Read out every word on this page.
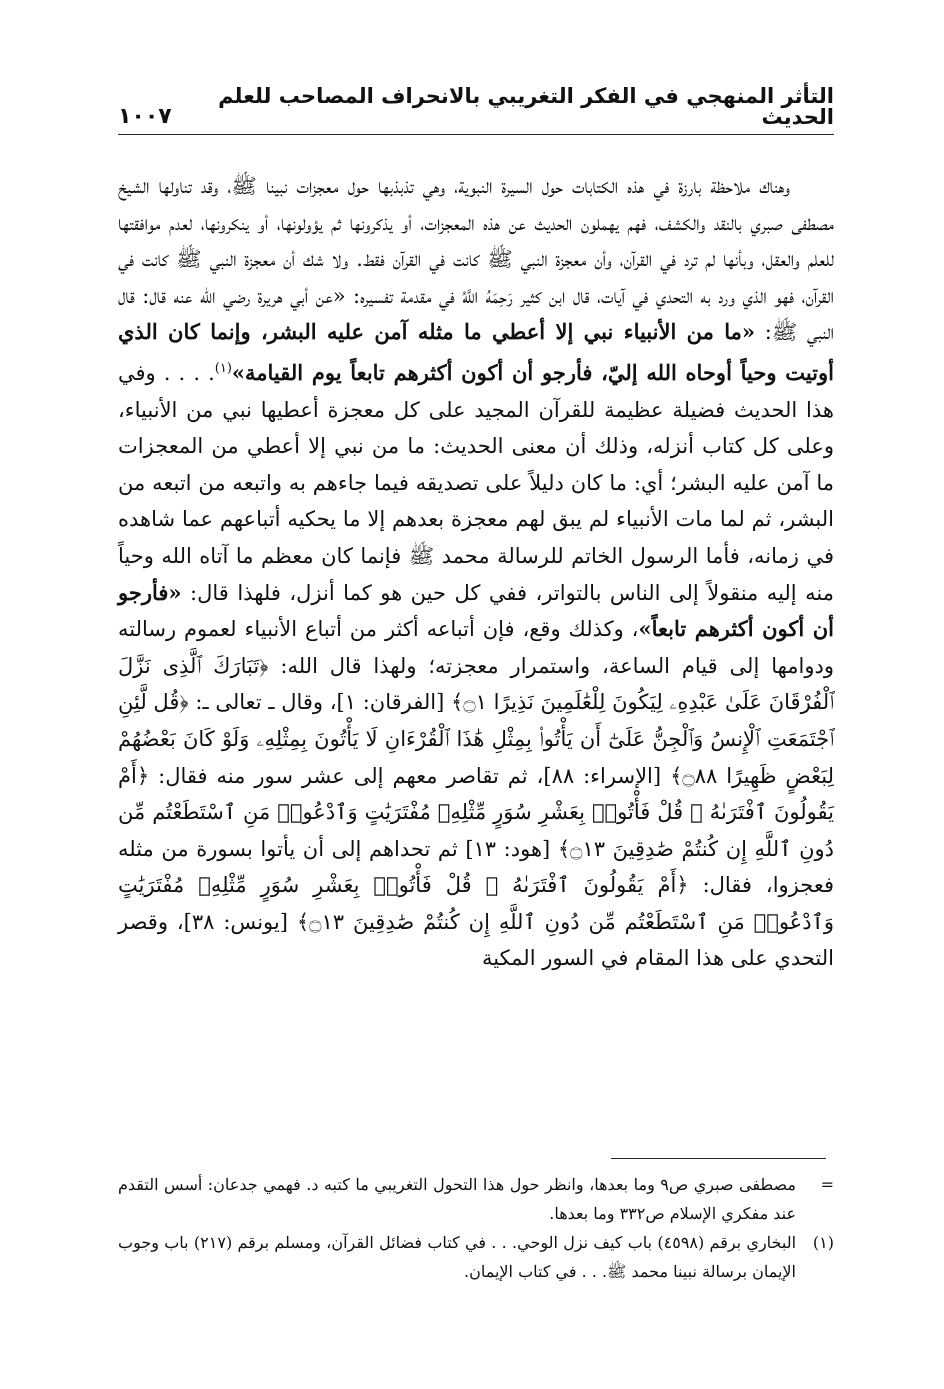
التأثر المنهجي في الفكر التغريبي بالانحراف المصاحب للعلم الحديث
١٠٠٧

وهناك ملاحظة بارزة في هذه الكتابات حول السيرة النبوية، وهي تذبذبها حول معجزات نبينا ﷺ، وقد تناولها الشيخ مصطفى صبري بالنقد والكشف، فهم يهملون الحديث عن هذه المعجزات، أو يذكرونها ثم يؤولونها، أو ينكرونها، لعدم موافقتها للعلم والعقل، وبأنها لم ترد في القرآن، وأن معجزة النبي ﷺ كانت في القرآن فقط. ولا شك أن معجزة النبي ﷺ كانت في القرآن، فهو الذي ورد به التحدي في آيات، قال ابن كثير رَحِمَهُ اللَّهُ في مقدمة تفسيره: «عن أبي هريرة رضي الله عنه قال: قال النبي ﷺ: «ما من الأنبياء نبي إلا أعطي ما مثله آمن عليه البشر، وإنما كان الذي أوتيت وحياً أوحاه الله إليّ، فأرجو أن أكون أكثرهم تابعاً يوم القيامة»$^{(١)}$. . . . وفي هذا الحديث فضيلة عظيمة للقرآن المجيد على كل معجزة أعطيها نبي من الأنبياء، وعلى كل كتاب أنزله، وذلك أن معنى الحديث: ما من نبي إلا أعطي من المعجزات ما آمن عليه البشر؛ أي: ما كان دليلاً على تصديقه فيما جاءهم به واتبعه من اتبعه من البشر، ثم لما مات الأنبياء لم يبق لهم معجزة بعدهم إلا ما يحكيه أتباعهم عما شاهده في زمانه، فأما الرسول الخاتم للرسالة محمد ﷺ فإنما كان معظم ما آتاه الله وحياً منه إليه منقولاً إلى الناس بالتواتر، ففي كل حين هو كما أنزل، فلهذا قال: «فأرجو أن أكون أكثرهم تابعاً»، وكذلك وقع، فإن أتباعه أكثر من أتباع الأنبياء لعموم رسالته ودوامها إلى قيام الساعة، واستمرار معجزته؛ ولهذا قال الله: ﴿تَبَارَكَ ٱلَّذِى نَزَّلَ ٱلْفُرْقَانَ عَلَىٰ عَبْدِهِۦ لِيَكُونَ لِلْعَٰلَمِينَ نَذِيرًا ۝١﴾ [الفرقان: ١]، وقال ـ تعالى ـ: ﴿قُل لَّئِنِ ٱجْتَمَعَتِ ٱلْإِنسُ وَٱلْجِنُّ عَلَىٰٓ أَن يَأْتُوا۟ بِمِثْلِ هَٰذَا ٱلْقُرْءَانِ لَا يَأْتُونَ بِمِثْلِهِۦ وَلَوْ كَانَ بَعْضُهُمْ لِبَعْضٍ ظَهِيرًا ۝٨٨﴾ [الإسراء: ٨٨]، ثم تقاصر معهم إلى عشر سور منه فقال: ﴿أَمْ يَقُولُونَ ٱفْتَرَىٰهُ ۖ قُلْ فَأْتُوا۟ بِعَشْرِ سُوَرٍ مِّثْلِهِۦ مُفْتَرَيَٰتٍ وَٱدْعُوا۟ مَنِ ٱسْتَطَعْتُم مِّن دُونِ ٱللَّهِ إِن كُنتُمْ صَٰدِقِينَ ۝١٣﴾ [هود: ١٣] ثم تحداهم إلى أن يأتوا بسورة من مثله فعجزوا، فقال: ﴿أَمْ يَقُولُونَ ٱفْتَرَىٰهُ ۖ قُلْ فَأْتُوا۟ بِعَشْرِ سُوَرٍ مِّثْلِهِۦ مُفْتَرَيَٰتٍ وَٱدْعُوا۟ مَنِ ٱسْتَطَعْتُم مِّن دُونِ ٱللَّهِ إِن كُنتُمْ صَٰدِقِينَ ۝١٣﴾ [يونس: ٣٨]، وقصر التحدي على هذا المقام في السور المكية

=
مصطفى صبري ص٩ وما بعدها، وانظر حول هذا التحول التغريبي ما كتبه د. فهمي جدعان: أسس التقدم عند مفكري الإسلام ص٣٣٢ وما بعدها.
(١)
البخاري برقم (٤٥٩٨) باب كيف نزل الوحي. . . في كتاب فضائل القرآن، ومسلم برقم (٢١٧) باب وجوب الإيمان برسالة نبينا محمد ﷺ. . . في كتاب الإيمان.
